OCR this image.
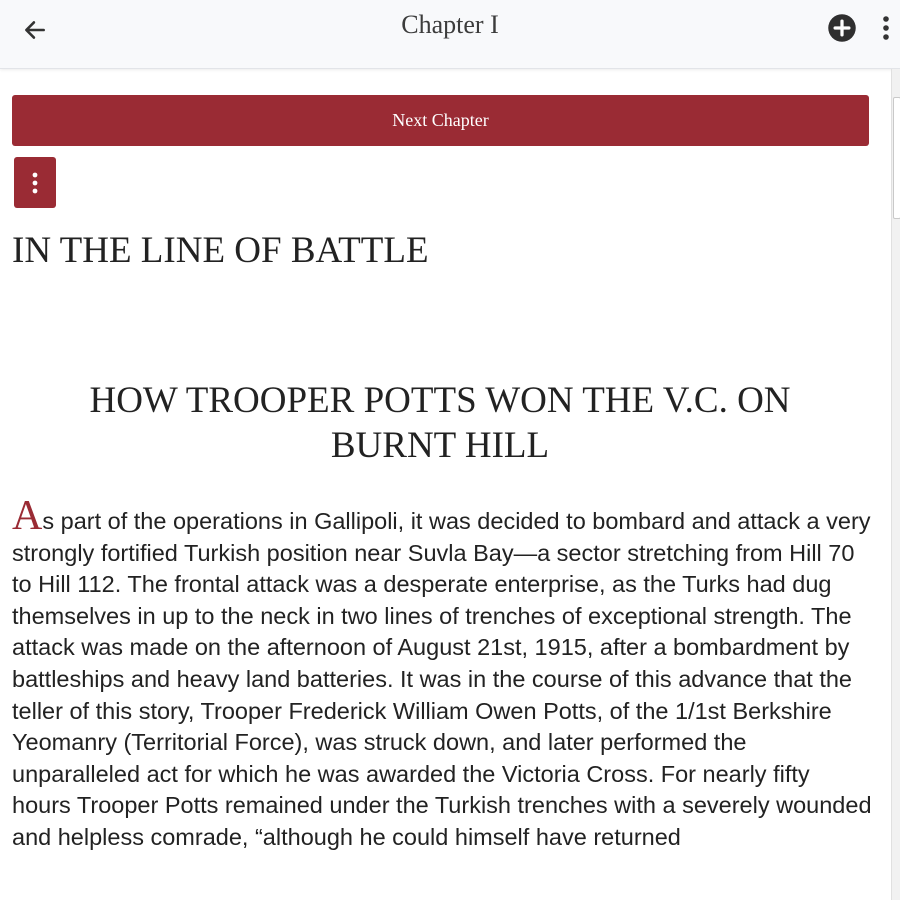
Chapter I
Next Chapter
IN THE LINE OF BATTLE
HOW TROOPER POTTS WON THE V.C. ON BURNT HILL

As part of the operations in Gallipoli, it was decided to bombard and attack a very strongly fortified Turkish position near Suvla Bay—a sector stretching from Hill 70 to Hill 112. The frontal attack was a desperate enterprise, as the Turks had dug themselves in up to the neck in two lines of trenches of exceptional strength. The attack was made on the afternoon of August 21st, 1915, after a bombardment by battleships and heavy land batteries. It was in the course of this advance that the teller of this story, Trooper Frederick William Owen Potts, of the 1/1st Berkshire Yeomanry (Territorial Force), was struck down, and later performed the unparalleled act for which he was awarded the Victoria Cross. For nearly fifty hours Trooper Potts remained under the Turkish trenches with a severely wounded and helpless comrade, “although he could himself have returned
